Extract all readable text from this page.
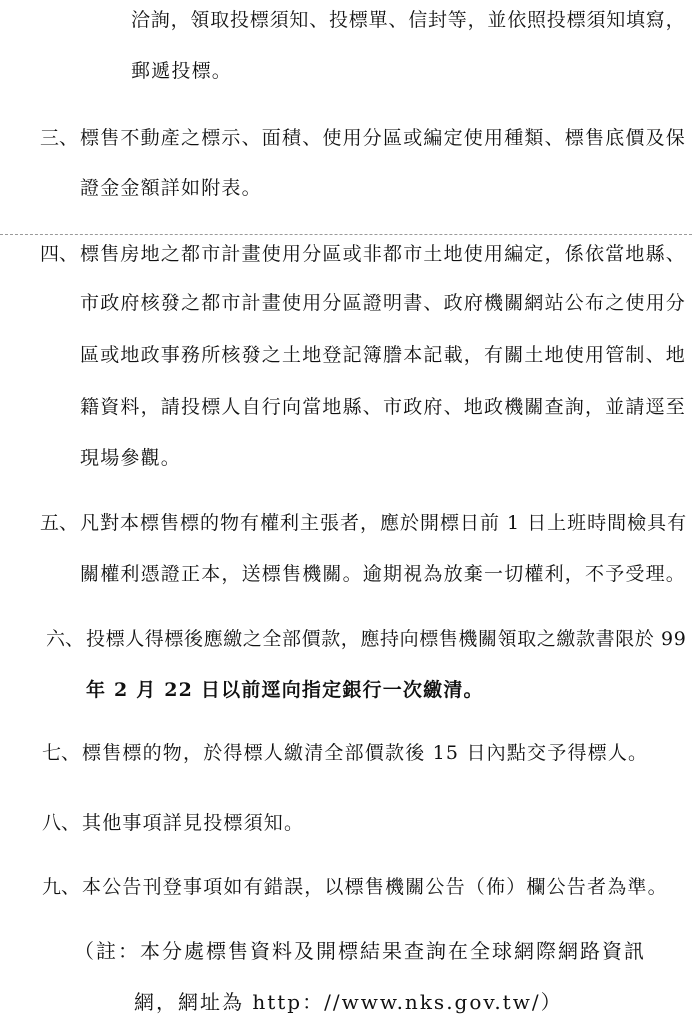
洽詢，領取投標須知、投標單、信封等，並依照投標須知填寫，
郵遞投標。
三、 標售不動產之標示、面積、使用分區或編定使用種類、標售底價及保
證金金額詳如附表。
四、 標售房地之都市計畫使用分區或非都市土地使用編定，係依當地縣、
市政府核發之都市計畫使用分區證明書、政府機關網站公布之使用分
區或地政事務所核發之土地登記簿謄本記載，有關土地使用管制、地
籍資料，請投標人自行向當地縣、市政府、地政機關查詢，並請逕至
現場參觀。
五、 凡對本標售標的物有權利主張者，應於開標日前 1 日上班時間檢具有
關權利憑證正本，送標售機關。逾期視為放棄一切權利，不予受理。
六、 投標人得標後應繳之全部價款，應持向標售機關領取之繳款書限於 99
年 2 月 22 日以前逕向指定銀行一次繳清。
七、 標售標的物，於得標人繳清全部價款後 15 日內點交予得標人。
八、 其他事項詳見投標須知。
九、 本公告刊登事項如有錯誤，以標售機關公告（佈）欄公告者為準。
（註：本分處標售資料及開標結果查詢在全球網際網路資訊
網，網址為 http：//www.nks.gov.tw/）
